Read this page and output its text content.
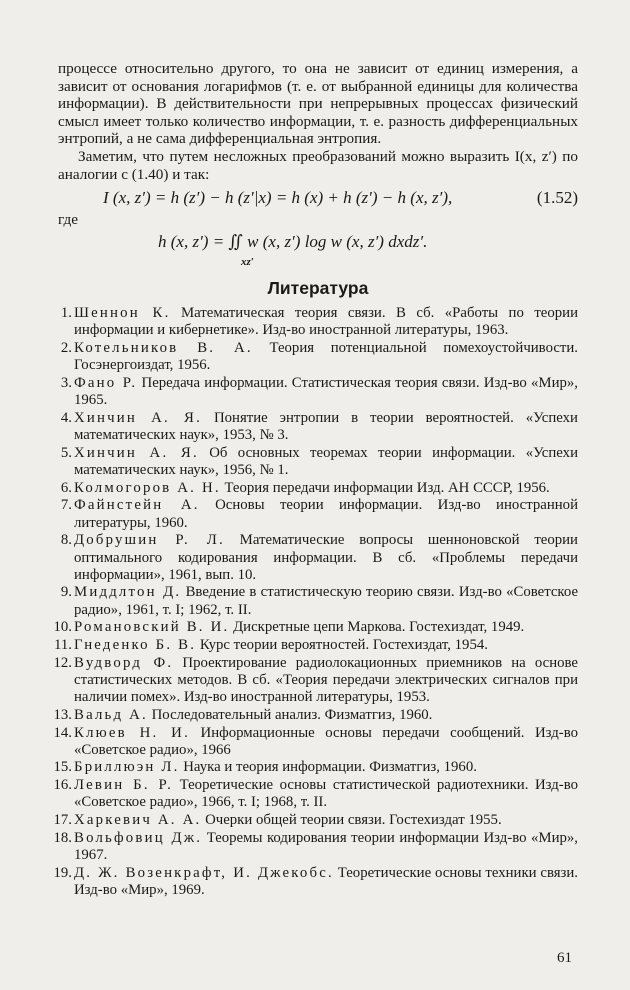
процессе относительно другого, то она не зависит от единиц измерения, а зависит от основания логарифмов (т. е. от выбранной единицы для количества информации). В действительности при непрерывных процессах физический смысл имеет только количество информации, т. е. разность дифференциальных энтропий, а не сама дифференциальная энтропия.

Заметим, что путем несложных преобразований можно выразить I(x, z′) по аналогии с (1.40) и так:

I (x, z′) = h (z′) − h (z′|x) = h (x) + h (z′) − h (x, z′),	(1.52)

где

h (x, z′) = ∬ w (x, z′) log w (x, z′) dxdz′.
xz′
Литература
1. Шеннон К. Математическая теория связи. В сб. «Работы по теории информации и кибернетике». Изд-во иностранной литературы, 1963.
2. Котельников В. А. Теория потенциальной помехоустойчивости. Госэнергоиздат, 1956.
3. Фано Р. Передача информации. Статистическая теория связи. Изд-во «Мир», 1965.
4. Хинчин А. Я. Понятие энтропии в теории вероятностей. «Успехи математических наук», 1953, № 3.
5. Хинчин А. Я. Об основных теоремах теории информации. «Успехи математических наук», 1956, № 1.
6. Колмогоров А. Н. Теория передачи информации Изд. АН СССР, 1956.
7. Файнстейн А. Основы теории информации. Изд-во иностранной литературы, 1960.
8. Добрушин Р. Л. Математические вопросы шенноновской теории оптимального кодирования информации. В сб. «Проблемы передачи информации», 1961, вып. 10.
9. Миддлтон Д. Введение в статистическую теорию связи. Изд-во «Советское радио», 1961, т. I; 1962, т. II.
10. Романовский В. И. Дискретные цепи Маркова. Гостехиздат, 1949.
11. Гнеденко Б. В. Курс теории вероятностей. Гостехиздат, 1954.
12. Вудворд Ф. Проектирование радиолокационных приемников на основе статистических методов. В сб. «Теория передачи электрических сигналов при наличии помех». Изд-во иностранной литературы, 1953.
13. Вальд А. Последовательный анализ. Физматгиз, 1960.
14. Клюев Н. И. Информационные основы передачи сообщений. Изд-во «Советское радио», 1966
15. Бриллюэн Л. Наука и теория информации. Физматгиз, 1960.
16. Левин Б. Р. Теоретические основы статистической радиотехники. Изд-во «Советское радио», 1966, т. I; 1968, т. II.
17. Харкевич А. А. Очерки общей теории связи. Гостехиздат 1955.
18. Вольфовиц Дж. Теоремы кодирования теории информации Изд-во «Мир», 1967.
19. Д. Ж. Возенкрафт, И. Джекобс. Теоретические основы техники связи. Изд-во «Мир», 1969.
61
